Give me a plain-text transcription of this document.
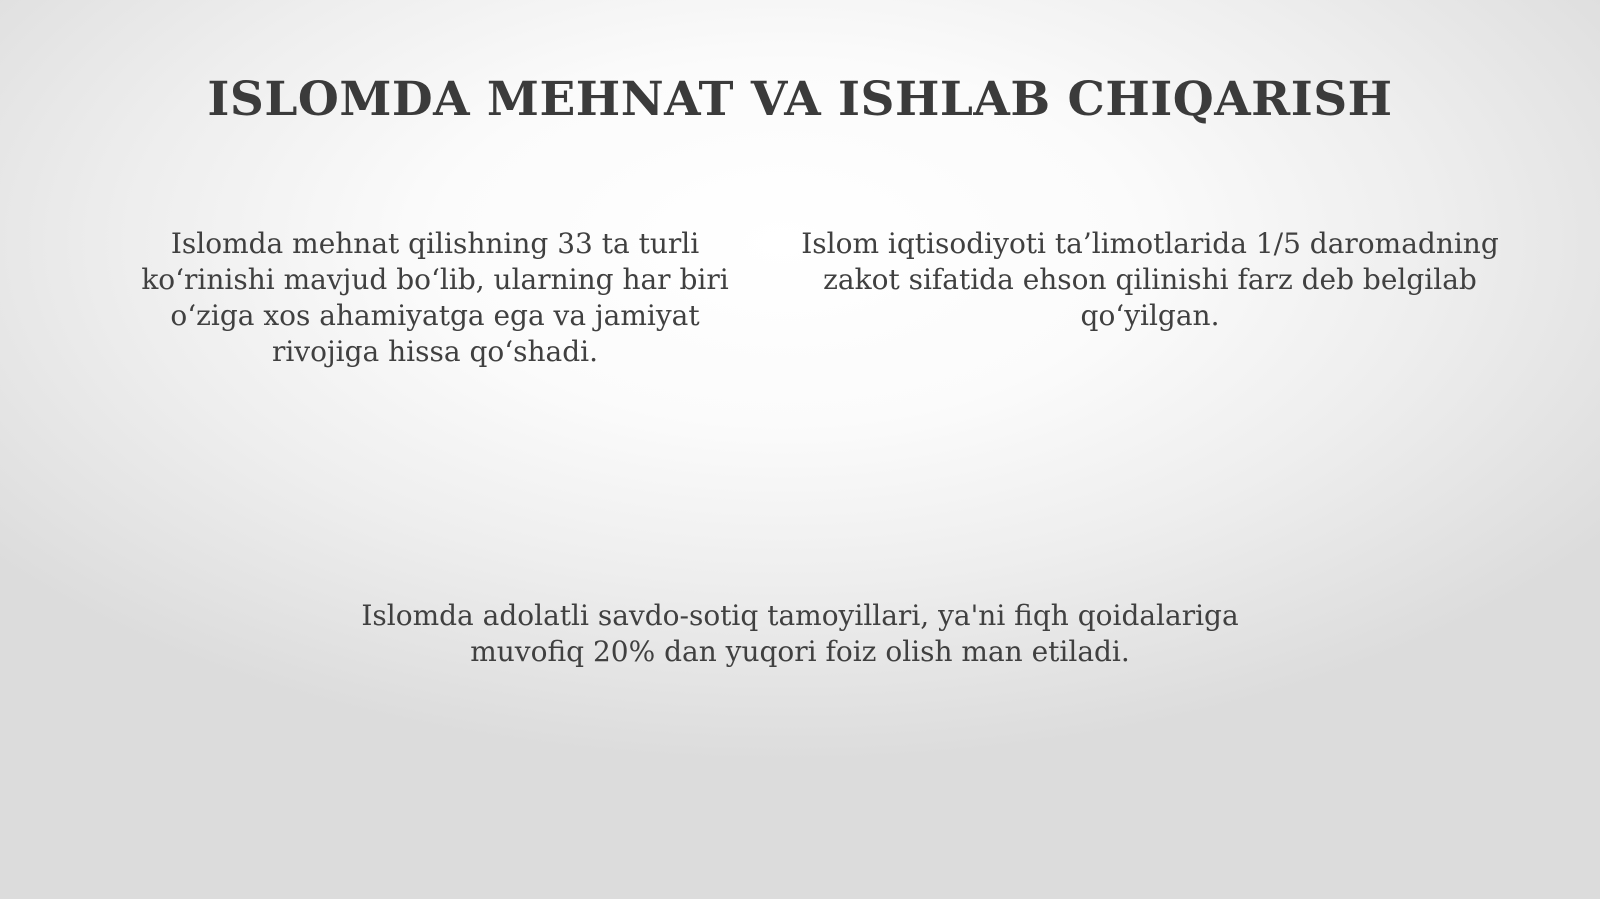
ISLOMDA MEHNAT VA ISHLAB CHIQARISH
Islomda mehnat qilishning 33 ta turli ko‘rinishi mavjud bo‘lib, ularning har biri o‘ziga xos ahamiyatga ega va jamiyat rivojiga hissa qo‘shadi.
Islom iqtisodiyoti ta’limotlarida 1/5 daromadning zakot sifatida ehson qilinishi farz deb belgilab qo‘yilgan.
Islomda adolatli savdo-sotiq tamoyillari, ya'ni fiqh qoidalariga muvofiq 20% dan yuqori foiz olish man etiladi.
